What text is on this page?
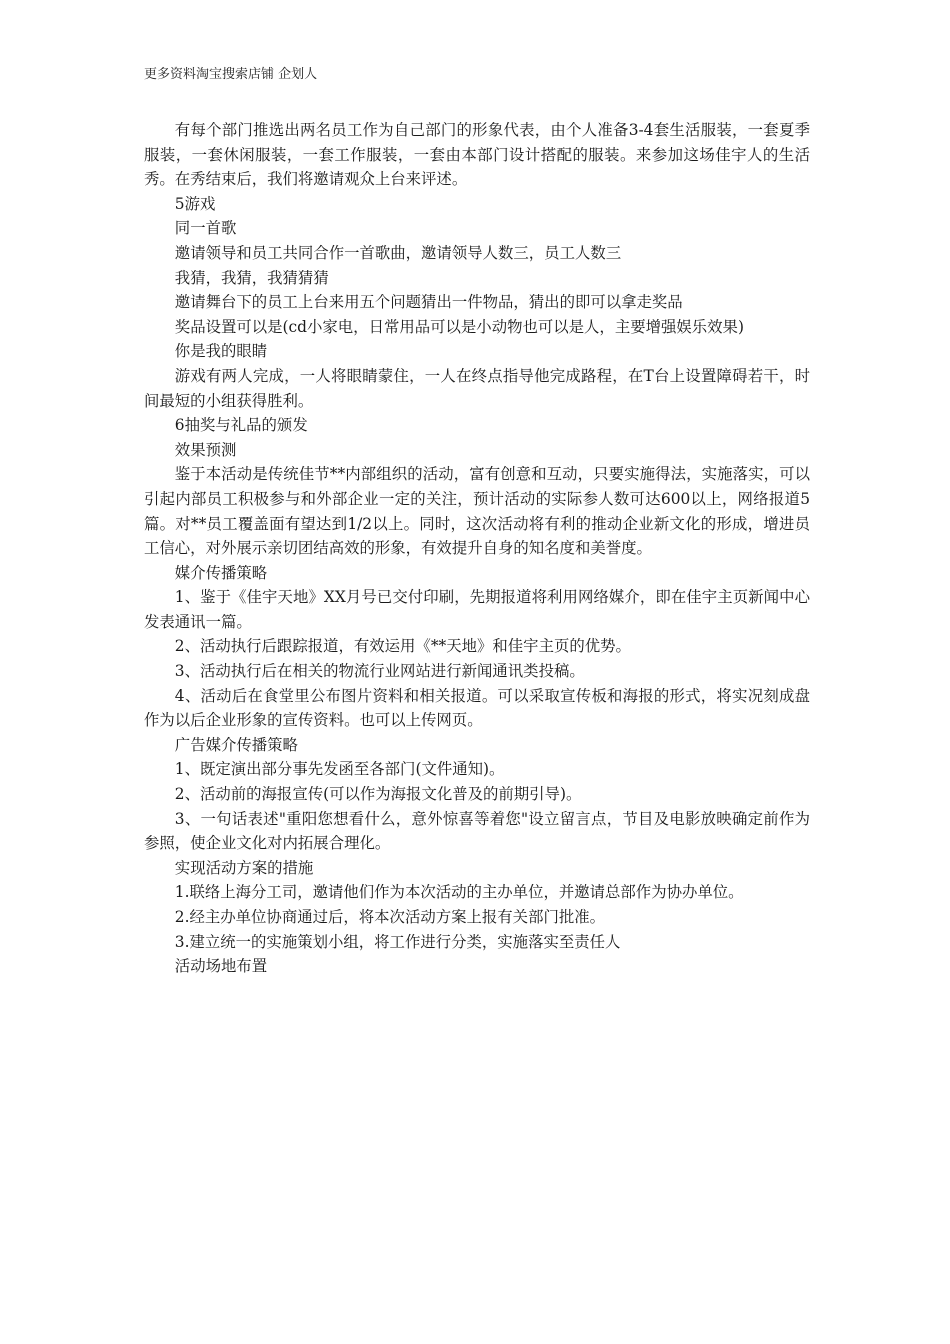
更多资料淘宝搜索店铺 企划人

有每个部门推选出两名员工作为自己部门的形象代表，由个人准备3-4套生活服装，一套夏季服装，一套休闲服装，一套工作服装，一套由本部门设计搭配的服装。来参加这场佳宇人的生活秀。在秀结束后，我们将邀请观众上台来评述。

5游戏

同一首歌

邀请领导和员工共同合作一首歌曲，邀请领导人数三，员工人数三

我猜，我猜，我猜猜猜

邀请舞台下的员工上台来用五个问题猜出一件物品，猜出的即可以拿走奖品

奖品设置可以是(cd小家电，日常用品可以是小动物也可以是人，主要增强娱乐效果)

你是我的眼睛

游戏有两人完成，一人将眼睛蒙住，一人在终点指导他完成路程，在T台上设置障碍若干，时间最短的小组获得胜利。

6抽奖与礼品的颁发

效果预测

鉴于本活动是传统佳节**内部组织的活动，富有创意和互动，只要实施得法，实施落实，可以引起内部员工积极参与和外部企业一定的关注，预计活动的实际参人数可达600以上，网络报道5篇。对**员工覆盖面有望达到1/2以上。同时，这次活动将有利的推动企业新文化的形成，增进员工信心，对外展示亲切团结高效的形象，有效提升自身的知名度和美誉度。

媒介传播策略

1、鉴于《佳宇天地》XX月号已交付印刷，先期报道将利用网络媒介，即在佳宇主页新闻中心发表通讯一篇。

2、活动执行后跟踪报道，有效运用《**天地》和佳宇主页的优势。

3、活动执行后在相关的物流行业网站进行新闻通讯类投稿。

4、活动后在食堂里公布图片资料和相关报道。可以采取宣传板和海报的形式，将实况刻成盘作为以后企业形象的宣传资料。也可以上传网页。

广告媒介传播策略

1、既定演出部分事先发函至各部门(文件通知)。

2、活动前的海报宣传(可以作为海报文化普及的前期引导)。

3、一句话表述"重阳您想看什么，意外惊喜等着您"设立留言点，节目及电影放映确定前作为参照，使企业文化对内拓展合理化。

实现活动方案的措施

1.联络上海分工司，邀请他们作为本次活动的主办单位，并邀请总部作为协办单位。

2.经主办单位协商通过后，将本次活动方案上报有关部门批准。

3.建立统一的实施策划小组，将工作进行分类，实施落实至责任人

活动场地布置
